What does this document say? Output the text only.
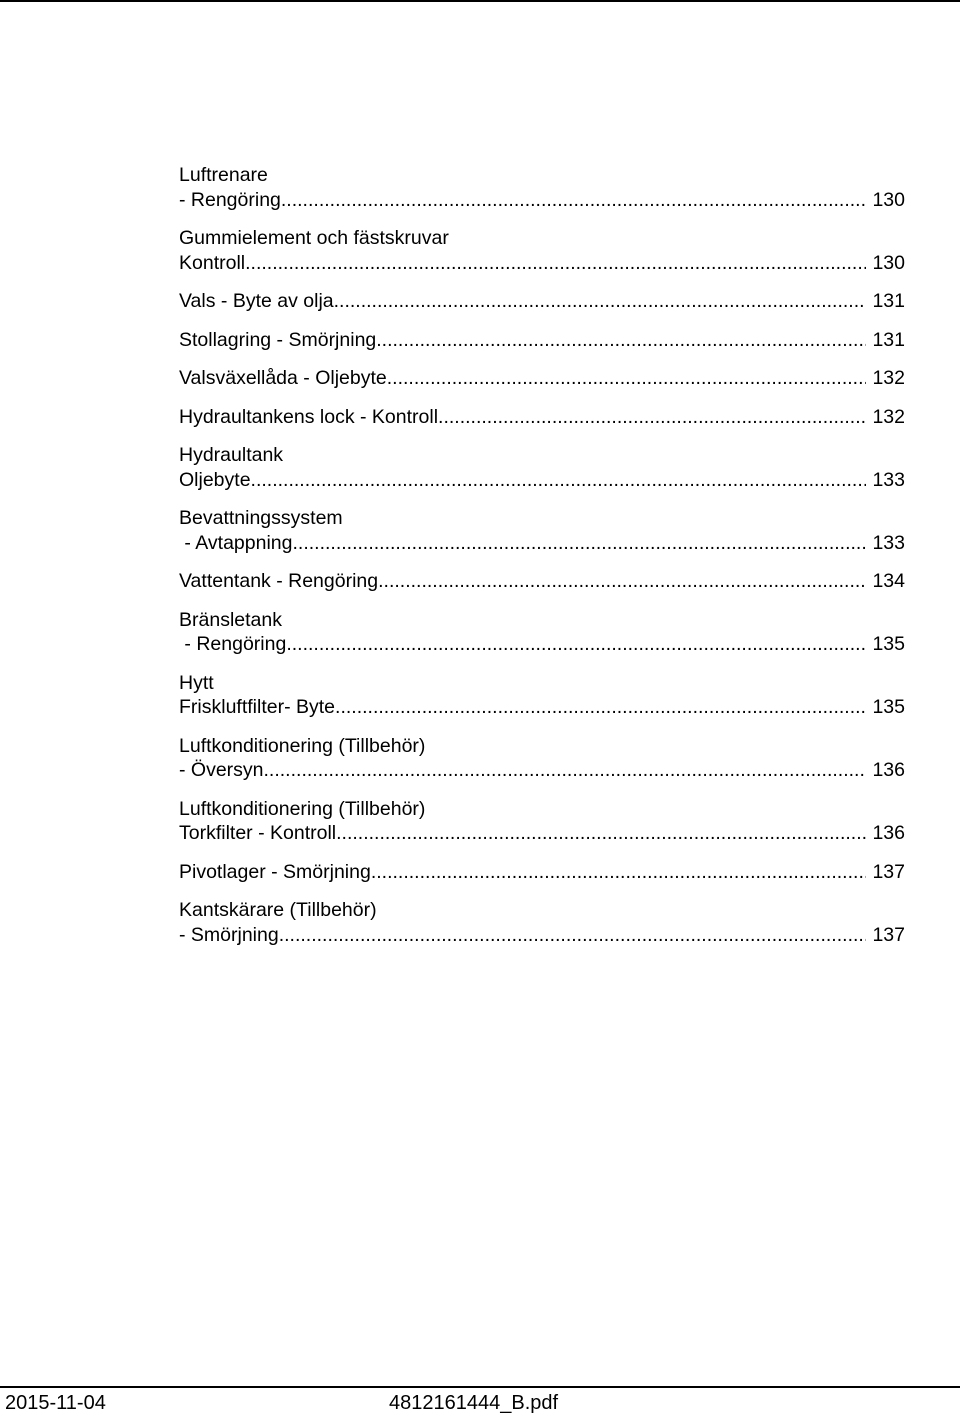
Luftrenare
- Rengöring .....	130
Gummielement och fästskruvar
Kontroll .....	130
Vals - Byte av olja .....	131
Stollagring - Smörjning .....	131
Valsväxellåda - Oljebyte .....	132
Hydraultankens lock - Kontroll .....	132
Hydraultank
Oljebyte .....	133
Bevattningssystem
- Avtappning .....	133
Vattentank - Rengöring .....	134
Bränsletank
- Rengöring .....	135
Hytt
Friskluftfilter- Byte .....	135
Luftkonditionering (Tillbehör)
- Översyn .....	136
Luftkonditionering (Tillbehör)
Torkfilter - Kontroll .....	136
Pivotlager - Smörjning .....	137
Kantskärare (Tillbehör)
- Smörjning .....	137
2015-11-04	4812161444_B.pdf
